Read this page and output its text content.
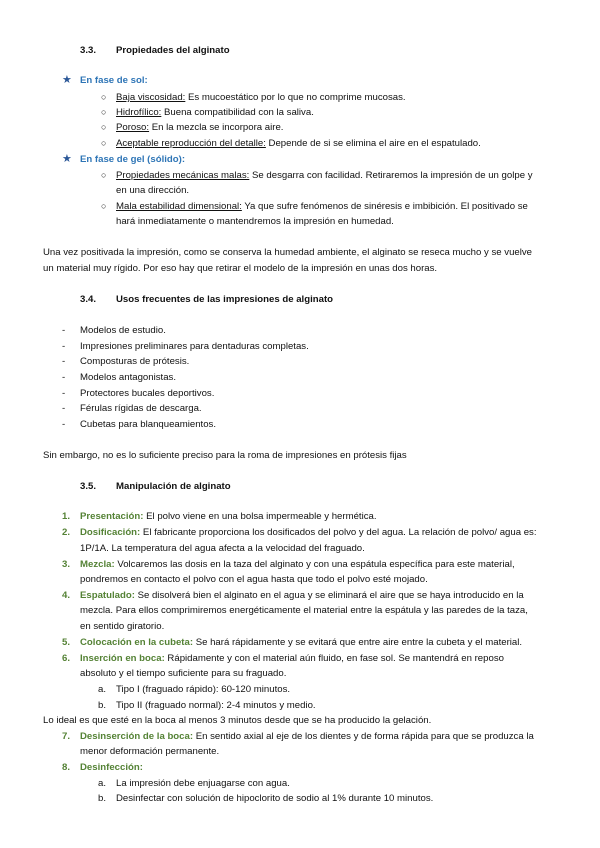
3.3. Propiedades del alginato
★ En fase de sol:
○ Baja viscosidad: Es mucoestático por lo que no comprime mucosas.
○ Hidrofílico: Buena compatibilidad con la saliva.
○ Poroso: En la mezcla se incorpora aire.
○ Aceptable reproducción del detalle: Depende de si se elimina el aire en el espatulado.
★ En fase de gel (sólido):
○ Propiedades mecánicas malas: Se desgarra con facilidad. Retiraremos la impresión de un golpe y
en una dirección.
○ Mala estabilidad dimensional: Ya que sufre fenómenos de sinéresis e imbibición. El positivado se
hará inmediatamente o mantendremos la impresión en humedad.
Una vez positivada la impresión, como se conserva la humedad ambiente, el alginato se reseca mucho y se vuelve
un material muy rígido. Por eso hay que retirar el modelo de la impresión en unas dos horas.
3.4. Usos frecuentes de las impresiones de alginato
- Modelos de estudio.
- Impresiones preliminares para dentaduras completas.
- Composturas de prótesis.
- Modelos antagonistas.
- Protectores bucales deportivos.
- Férulas rígidas de descarga.
- Cubetas para blanqueamientos.
Sin embargo, no es lo suficiente preciso para la roma de impresiones en prótesis fijas
3.5. Manipulación de alginato
1. Presentación: El polvo viene en una bolsa impermeable y hermética.
2. Dosificación: El fabricante proporciona los dosificados del polvo y del agua. La relación de polvo/ agua es:
1P/1A. La temperatura del agua afecta a la velocidad del fraguado.
3. Mezcla: Volcaremos las dosis en la taza del alginato y con una espátula específica para este material,
pondremos en contacto el polvo con el agua hasta que todo el polvo esté mojado.
4. Espatulado: Se disolverá bien el alginato en el agua y se eliminará el aire que se haya introducido en la
mezcla. Para ellos comprimiremos energéticamente el material entre la espátula y las paredes de la taza,
en sentido giratorio.
5. Colocación en la cubeta: Se hará rápidamente y se evitará que entre aire entre la cubeta y el material.
6. Inserción en boca: Rápidamente y con el material aún fluido, en fase sol. Se mantendrá en reposo
absoluto y el tiempo suficiente para su fraguado.
a. Tipo I (fraguado rápido): 60-120 minutos.
b. Tipo II (fraguado normal): 2-4 minutos y medio.
Lo ideal es que esté en la boca al menos 3 minutos desde que se ha producido la gelación.
7. Desinserción de la boca: En sentido axial al eje de los dientes y de forma rápida para que se produzca la
menor deformación permanente.
8. Desinfección:
a. La impresión debe enjuagarse con agua.
b. Desinfectar con solución de hipoclorito de sodio al 1% durante 10 minutos.
